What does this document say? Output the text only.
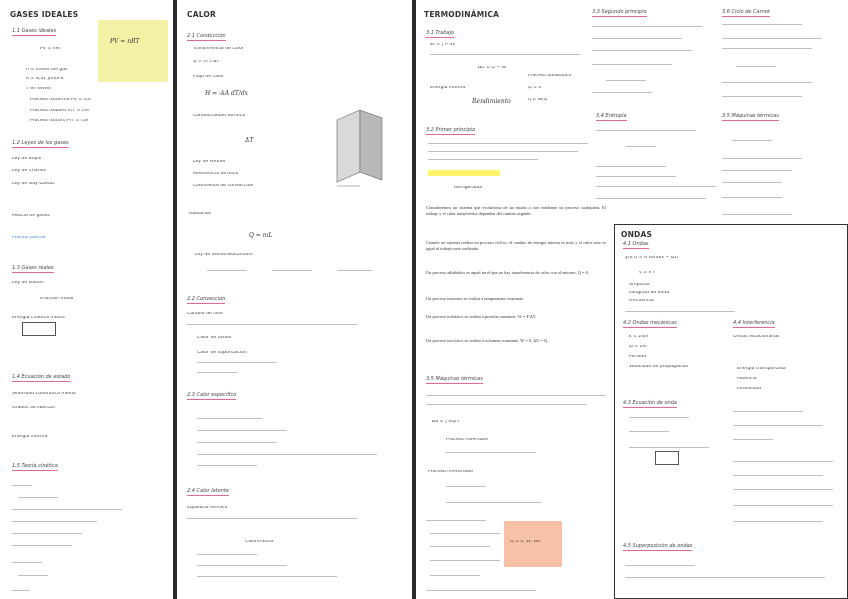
GASES IDEALES
PV = nRT
1.1 Gases ideales
PV = nRT
n = moles del gas
R = 8,31 J/mol·K
T en kelvin
Proceso isotermo PV = cte
Proceso isobaro V/T = cte
Proceso isocoro P/T = cte
1.2 Leyes de los gases
Ley de Boyle
Ley de Charles
Ley de Gay-Lussac
Mezcla de gases
Presión parcial
1.3 Gases reales
Ley de Dalton
Fracción molar
Energía cinética media
1.4 Ecuación de estado
Velocidad cuadrática media
Grados de libertad
Energía interna
1.5 Teoría cinética
CALOR
2.1 Conducción
Transferencia de calor
Q = m c ΔT
Flujo de calor
H = -kA dT/dx
Conductividad térmica
ΔT
Ley de Fourier
Resistencia térmica
Coeficiente de convección
Radiación
Q = mL
Ley de Stefan-Boltzmann
2.2 Convección
Cambio de fase
Calor de fusión
Calor de vaporización
2.3 Calor específico
2.4 Calor latente
Equilibrio térmico
Calorimetría
TERMODINÁMICA
3.1 Trabajo
W = ∫ P dV
ΔU = Q − W
Energía interna
Rendimiento
Proceso adiabático
Q = 0
η = W/Q
3.2 Primer principio
Refrigerador
Consideremos un sistema que evoluciona de un estado a otro mediante un proceso cualquiera. El trabajo y el calor transferidos dependen del camino seguido.
Cuando un sistema realiza un proceso cíclico, el cambio de energía interna es nulo y el calor neto es igual al trabajo neto realizado.
Un proceso adiabático es aquel en el que no hay transferencia de calor con el entorno, Q = 0.
Un proceso isotermo se realiza a temperatura constante.
Un proceso isobárico se realiza a presión constante, W = P ΔV.
Un proceso isocórico se realiza a volumen constante, W = 0, ΔU = Q.
3.5 Máquinas térmicas
ΔS = ∫ dQ/T
Proceso reversible
Proceso irreversible
Q = 0, W, ΔU
3.3 Segundo principio
3.4 Entropía
3.6 Ciclo de Carnot
3.5 Máquinas térmicas
ONDAS
4.1 Ondas
y(x,t) = A sen(kx − ωt)
v = λ f
Amplitud
Longitud de onda
Frecuencia
4.2 Ondas mecánicas
k = 2π/λ
ω = 2πf
Período
Velocidad de propagación
4.3 Ecuación de onda
4.4 Interferencia
Ondas estacionarias
Energía transportada
Potencia
Intensidad
4.5 Superposición de ondas
